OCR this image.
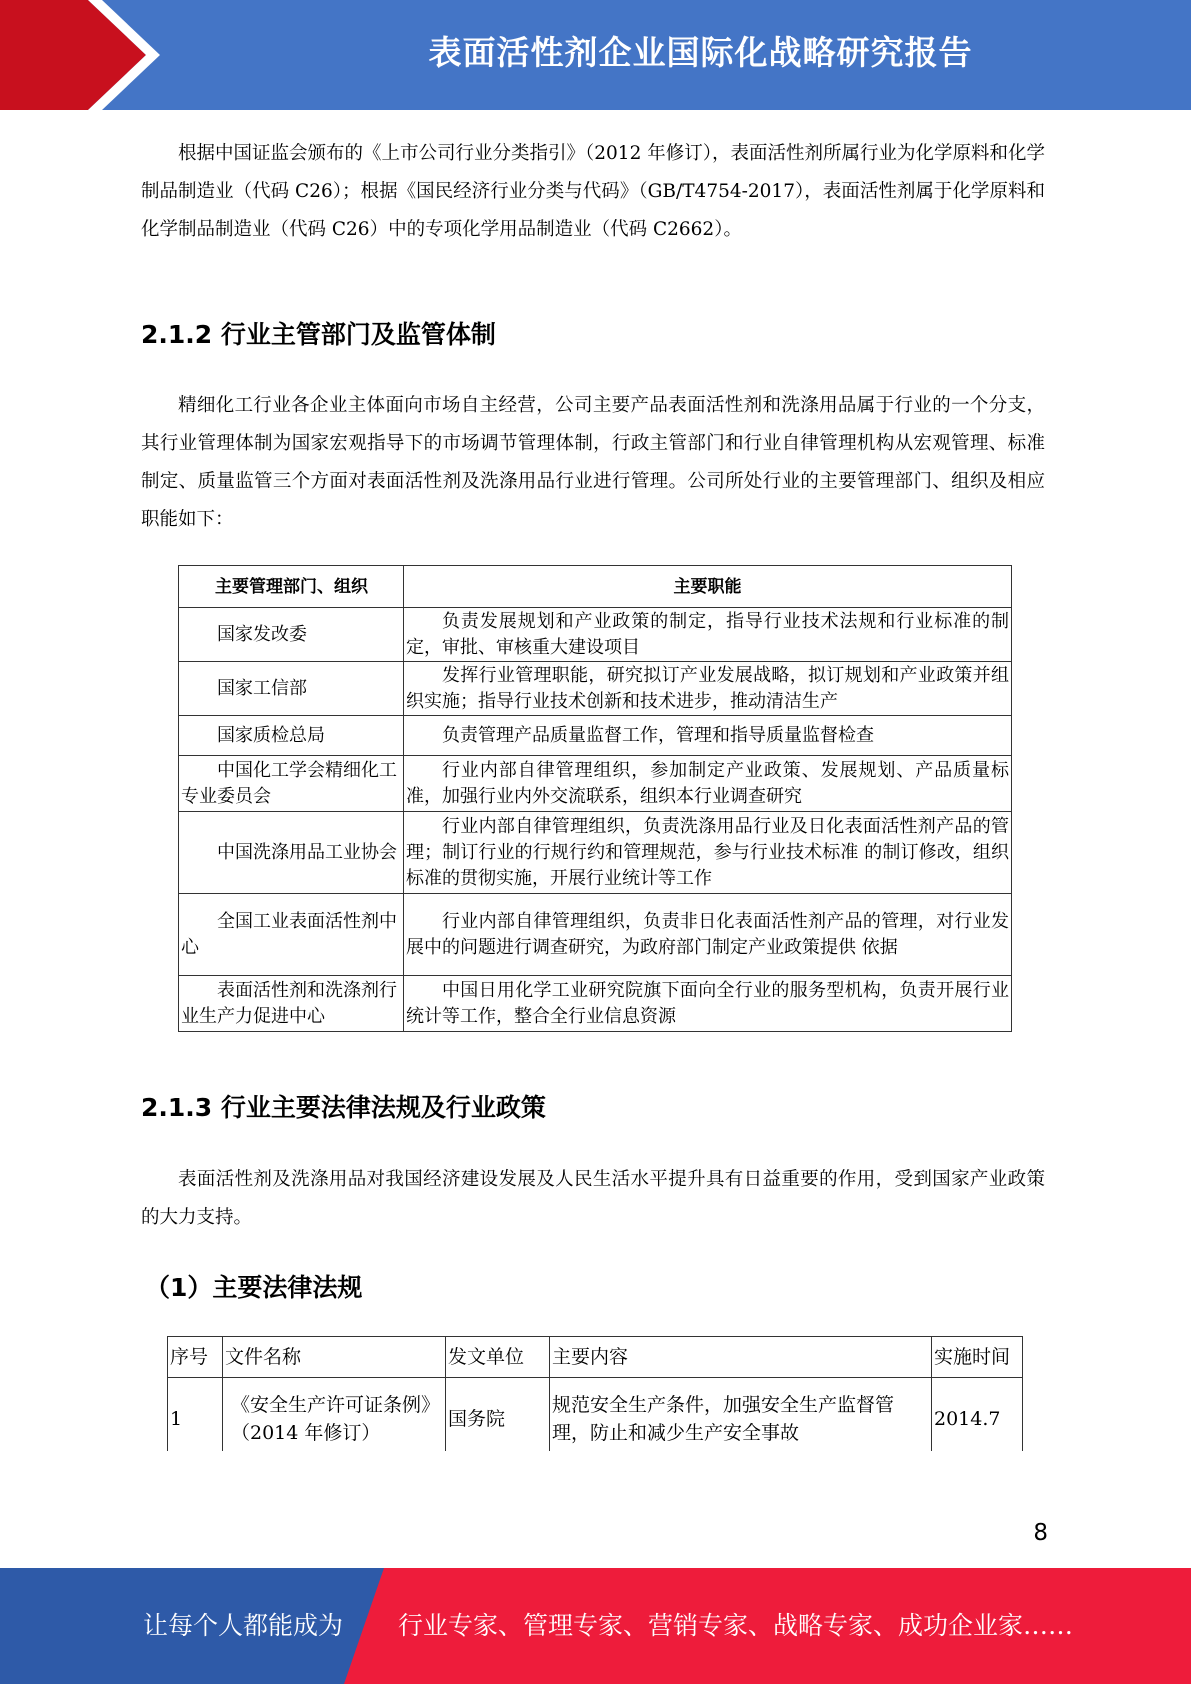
表面活性剂企业国际化战略研究报告

根据中国证监会颁布的《上市公司行业分类指引》（2012 年修订），表面活性剂所属行业为化学原料和化学制品制造业（代码 C26）；根据《国民经济行业分类与代码》（GB/T4754-2017），表面活性剂属于化学原料和化学制品制造业（代码 C26）中的专项化学用品制造业（代码 C2662）。

2.1.2 行业主管部门及监管体制

精细化工行业各企业主体面向市场自主经营，公司主要产品表面活性剂和洗涤用品属于行业的一个分支，其行业管理体制为国家宏观指导下的市场调节管理体制，行政主管部门和行业自律管理机构从宏观管理、标准制定、质量监管三个方面对表面活性剂及洗涤用品行业进行管理。公司所处行业的主要管理部门、组织及相应职能如下：

主要管理部门、组织	主要职能
国家发改委	负责发展规划和产业政策的制定，指导行业技术法规和行业标准的制定，审批、审核重大建设项目
国家工信部	发挥行业管理职能，研究拟订产业发展战略，拟订规划和产业政策并组织实施；指导行业技术创新和技术进步，推动清洁生产
国家质检总局	负责管理产品质量监督工作，管理和指导质量监督检查
中国化工学会精细化工专业委员会	行业内部自律管理组织，参加制定产业政策、发展规划、产品质量标准，加强行业内外交流联系，组织本行业调查研究
中国洗涤用品工业协会	行业内部自律管理组织，负责洗涤用品行业及日化表面活性剂产品的管理；制订行业的行规行约和管理规范，参与行业技术标准 的制订修改，组织标准的贯彻实施，开展行业统计等工作
全国工业表面活性剂中心	行业内部自律管理组织，负责非日化表面活性剂产品的管理，对行业发展中的问题进行调查研究，为政府部门制定产业政策提供 依据
表面活性剂和洗涤剂行业生产力促进中心	中国日用化学工业研究院旗下面向全行业的服务型机构，负责开展行业统计等工作，整合全行业信息资源
2.1.3 行业主要法律法规及行业政策

表面活性剂及洗涤用品对我国经济建设发展及人民生活水平提升具有日益重要的作用，受到国家产业政策的大力支持。

（1）主要法律法规
序号	文件名称	发文单位	主要内容	实施时间
1	《安全生产许可证条例》（2014 年修订）	国务院	规范安全生产条件，加强安全生产监督管理，防止和减少生产安全事故	2014.7
8
让每个人都能成为 行业专家、管理专家、营销专家、战略专家、成功企业家……
